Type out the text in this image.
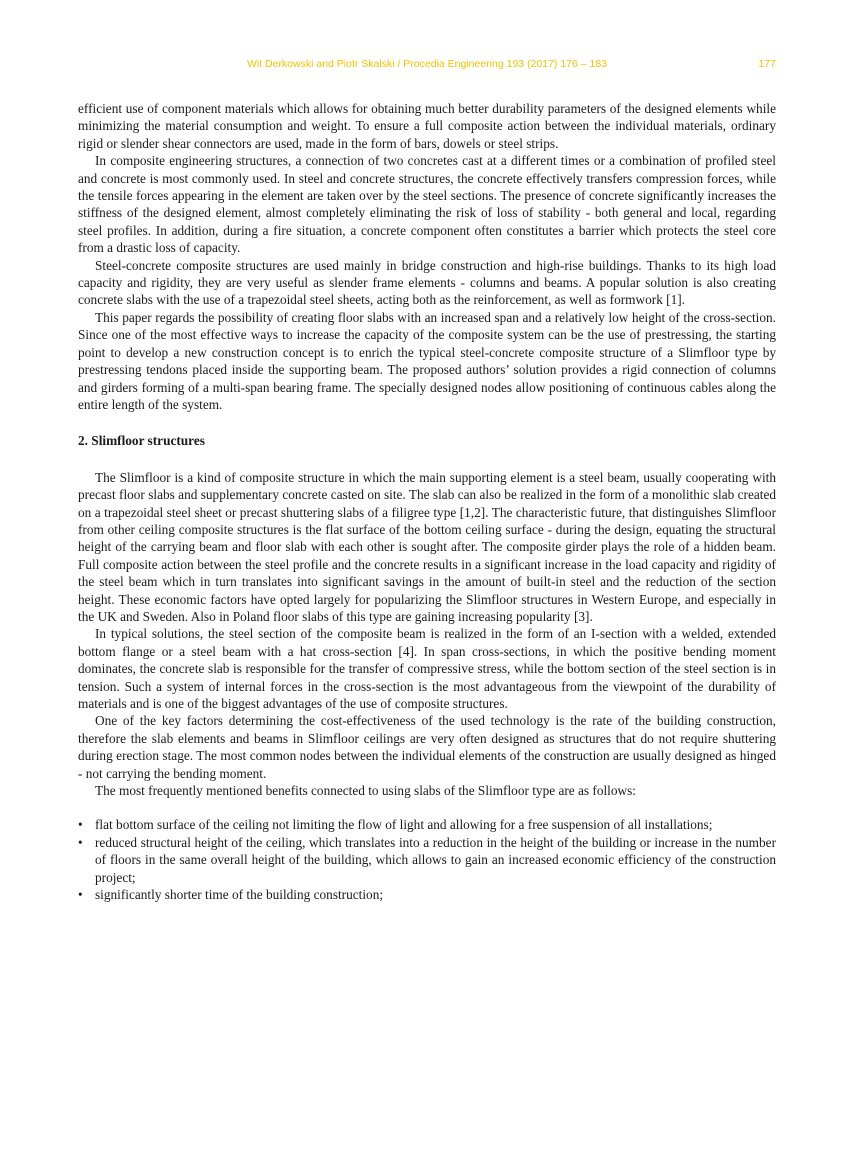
Wit Derkowski and Piotr Skalski / Procedia Engineering 193 (2017) 176 – 183	177

efficient use of component materials which allows for obtaining much better durability parameters of the designed elements while minimizing the material consumption and weight. To ensure a full composite action between the individual materials, ordinary rigid or slender shear connectors are used, made in the form of bars, dowels or steel strips.

In composite engineering structures, a connection of two concretes cast at a different times or a combination of profiled steel and concrete is most commonly used. In steel and concrete structures, the concrete effectively transfers compression forces, while the tensile forces appearing in the element are taken over by the steel sections. The presence of concrete significantly increases the stiffness of the designed element, almost completely eliminating the risk of loss of stability - both general and local, regarding steel profiles. In addition, during a fire situation, a concrete component often constitutes a barrier which protects the steel core from a drastic loss of capacity.

Steel-concrete composite structures are used mainly in bridge construction and high-rise buildings. Thanks to its high load capacity and rigidity, they are very useful as slender frame elements - columns and beams. A popular solution is also creating concrete slabs with the use of a trapezoidal steel sheets, acting both as the reinforcement, as well as formwork [1].

This paper regards the possibility of creating floor slabs with an increased span and a relatively low height of the cross-section. Since one of the most effective ways to increase the capacity of the composite system can be the use of prestressing, the starting point to develop a new construction concept is to enrich the typical steel-concrete composite structure of a Slimfloor type by prestressing tendons placed inside the supporting beam. The proposed authors’ solution provides a rigid connection of columns and girders forming of a multi-span bearing frame. The specially designed nodes allow positioning of continuous cables along the entire length of the system.

2. Slimfloor structures

The Slimfloor is a kind of composite structure in which the main supporting element is a steel beam, usually cooperating with precast floor slabs and supplementary concrete casted on site. The slab can also be realized in the form of a monolithic slab created on a trapezoidal steel sheet or precast shuttering slabs of a filigree type [1,2]. The characteristic future, that distinguishes Slimfloor from other ceiling composite structures is the flat surface of the bottom ceiling surface - during the design, equating the structural height of the carrying beam and floor slab with each other is sought after. The composite girder plays the role of a hidden beam. Full composite action between the steel profile and the concrete results in a significant increase in the load capacity and rigidity of the steel beam which in turn translates into significant savings in the amount of built-in steel and the reduction of the section height. These economic factors have opted largely for popularizing the Slimfloor structures in Western Europe, and especially in the UK and Sweden. Also in Poland floor slabs of this type are gaining increasing popularity [3].

In typical solutions, the steel section of the composite beam is realized in the form of an I-section with a welded, extended bottom flange or a steel beam with a hat cross-section [4]. In span cross-sections, in which the positive bending moment dominates, the concrete slab is responsible for the transfer of compressive stress, while the bottom section of the steel section is in tension. Such a system of internal forces in the cross-section is the most advantageous from the viewpoint of the durability of materials and is one of the biggest advantages of the use of composite structures.

One of the key factors determining the cost-effectiveness of the used technology is the rate of the building construction, therefore the slab elements and beams in Slimfloor ceilings are very often designed as structures that do not require shuttering during erection stage. The most common nodes between the individual elements of the construction are usually designed as hinged - not carrying the bending moment.

The most frequently mentioned benefits connected to using slabs of the Slimfloor type are as follows:

• flat bottom surface of the ceiling not limiting the flow of light and allowing for a free suspension of all installations;
• reduced structural height of the ceiling, which translates into a reduction in the height of the building or increase in the number of floors in the same overall height of the building, which allows to gain an increased economic efficiency of the construction project;
• significantly shorter time of the building construction;
